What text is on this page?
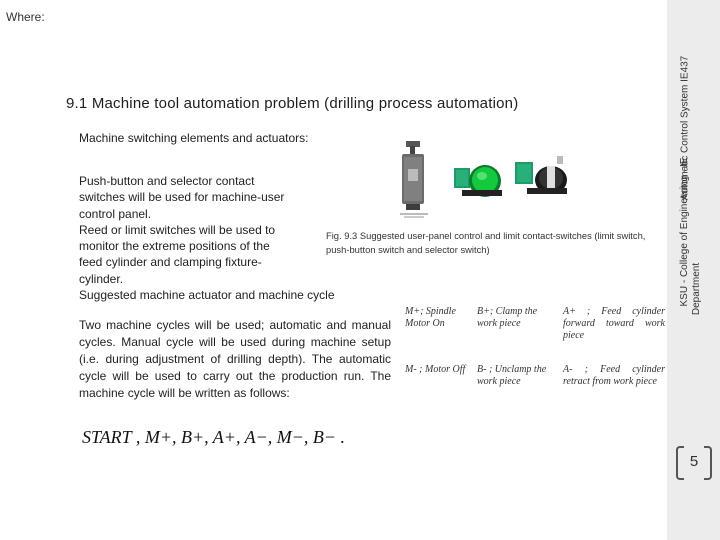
Where:
9.1 Machine tool automation problem (drilling process automation)
Machine switching elements and actuators:
Push-button and selector contact
switches will be used for machine-user
control panel.
Reed or limit switches will be used to
monitor the extreme positions of the
feed cylinder and clamping fixture-
cylinder.
Suggested machine actuator and machine cycle
Fig. 9.3 Suggested user-panel control and limit contact-switches (limit switch, push-button switch and selector switch)
Two machine cycles will be used; automatic and manual cycles. Manual cycle will be used during machine setup (i.e. during adjustment of drilling depth). The automatic cycle will be used to carry out the production run. The machine cycle will be written as follows:
START , M+, B+, A+, A−, M−, B− .
M+; Spindle Motor On	B+; Clamp the work piece	A+ ; Feed cylinder forward toward work piece
M- ; Motor Off	B- ; Unclamp the work piece	A- ; Feed cylinder retract from work piece
KSU - College of Engineering - IE Department
Automatic Control System IE437
5
